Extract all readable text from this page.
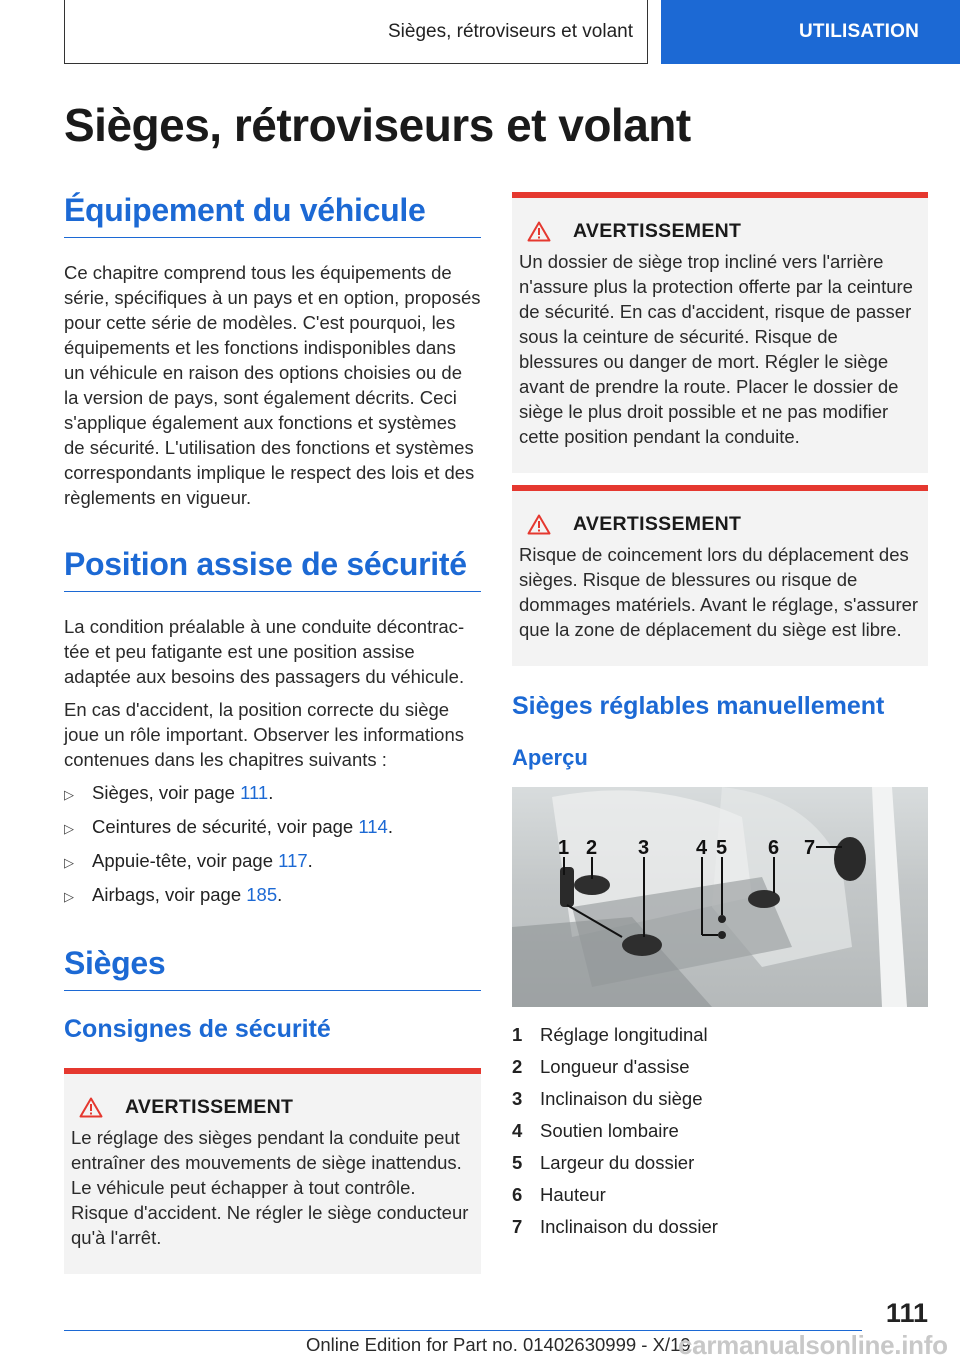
Sièges, rétroviseurs et volant	UTILISATION
Sièges, rétroviseurs et volant
Équipement du véhicule

Ce chapitre comprend tous les équipements de série, spécifiques à un pays et en option, proposés pour cette série de modèles. C'est pourquoi, les équipements et les fonctions indisponibles dans un véhicule en raison des options choisies ou de la version de pays, sont également décrits. Ceci s'applique également aux fonctions et systèmes de sécurité. L'utilisation des fonctions et systèmes correspondants implique le respect des lois et des règlements en vigueur.

Position assise de sécurité

La condition préalable à une conduite décontractée et peu fatigante est une position assise adaptée aux besoins des passagers du véhicule.

En cas d'accident, la position correcte du siège joue un rôle important. Observer les informations contenues dans les chapitres suivants :

▷ Sièges, voir page 111.
▷ Ceintures de sécurité, voir page 114.
▷ Appuie-tête, voir page 117.
▷ Airbags, voir page 185.
Sièges
Consignes de sécurité
AVERTISSEMENT

Le réglage des sièges pendant la conduite peut entraîner des mouvements de siège inattendus. Le véhicule peut échapper à tout contrôle. Risque d'accident. Ne régler le siège conducteur qu'à l'arrêt.

AVERTISSEMENT

Un dossier de siège trop incliné vers l'arrière n'assure plus la protection offerte par la ceinture de sécurité. En cas d'accident, risque de passer sous la ceinture de sécurité. Risque de blessures ou danger de mort. Régler le siège avant de prendre la route. Placer le dossier de siège le plus droit possible et ne pas modifier cette position pendant la conduite.

AVERTISSEMENT

Risque de coincement lors du déplacement des sièges. Risque de blessures ou risque de dommages matériels. Avant le réglage, s'assurer que la zone de déplacement du siège est libre.

Sièges réglables manuellement
Aperçu
1 2 3 4 5 6 7
1 Réglage longitudinal
2 Longueur d'assise
3 Inclinaison du siège
4 Soutien lombaire
5 Largeur du dossier
6 Hauteur
7 Inclinaison du dossier
111
Online Edition for Part no. 01402630999 - X/19
carmanualsonline.info
